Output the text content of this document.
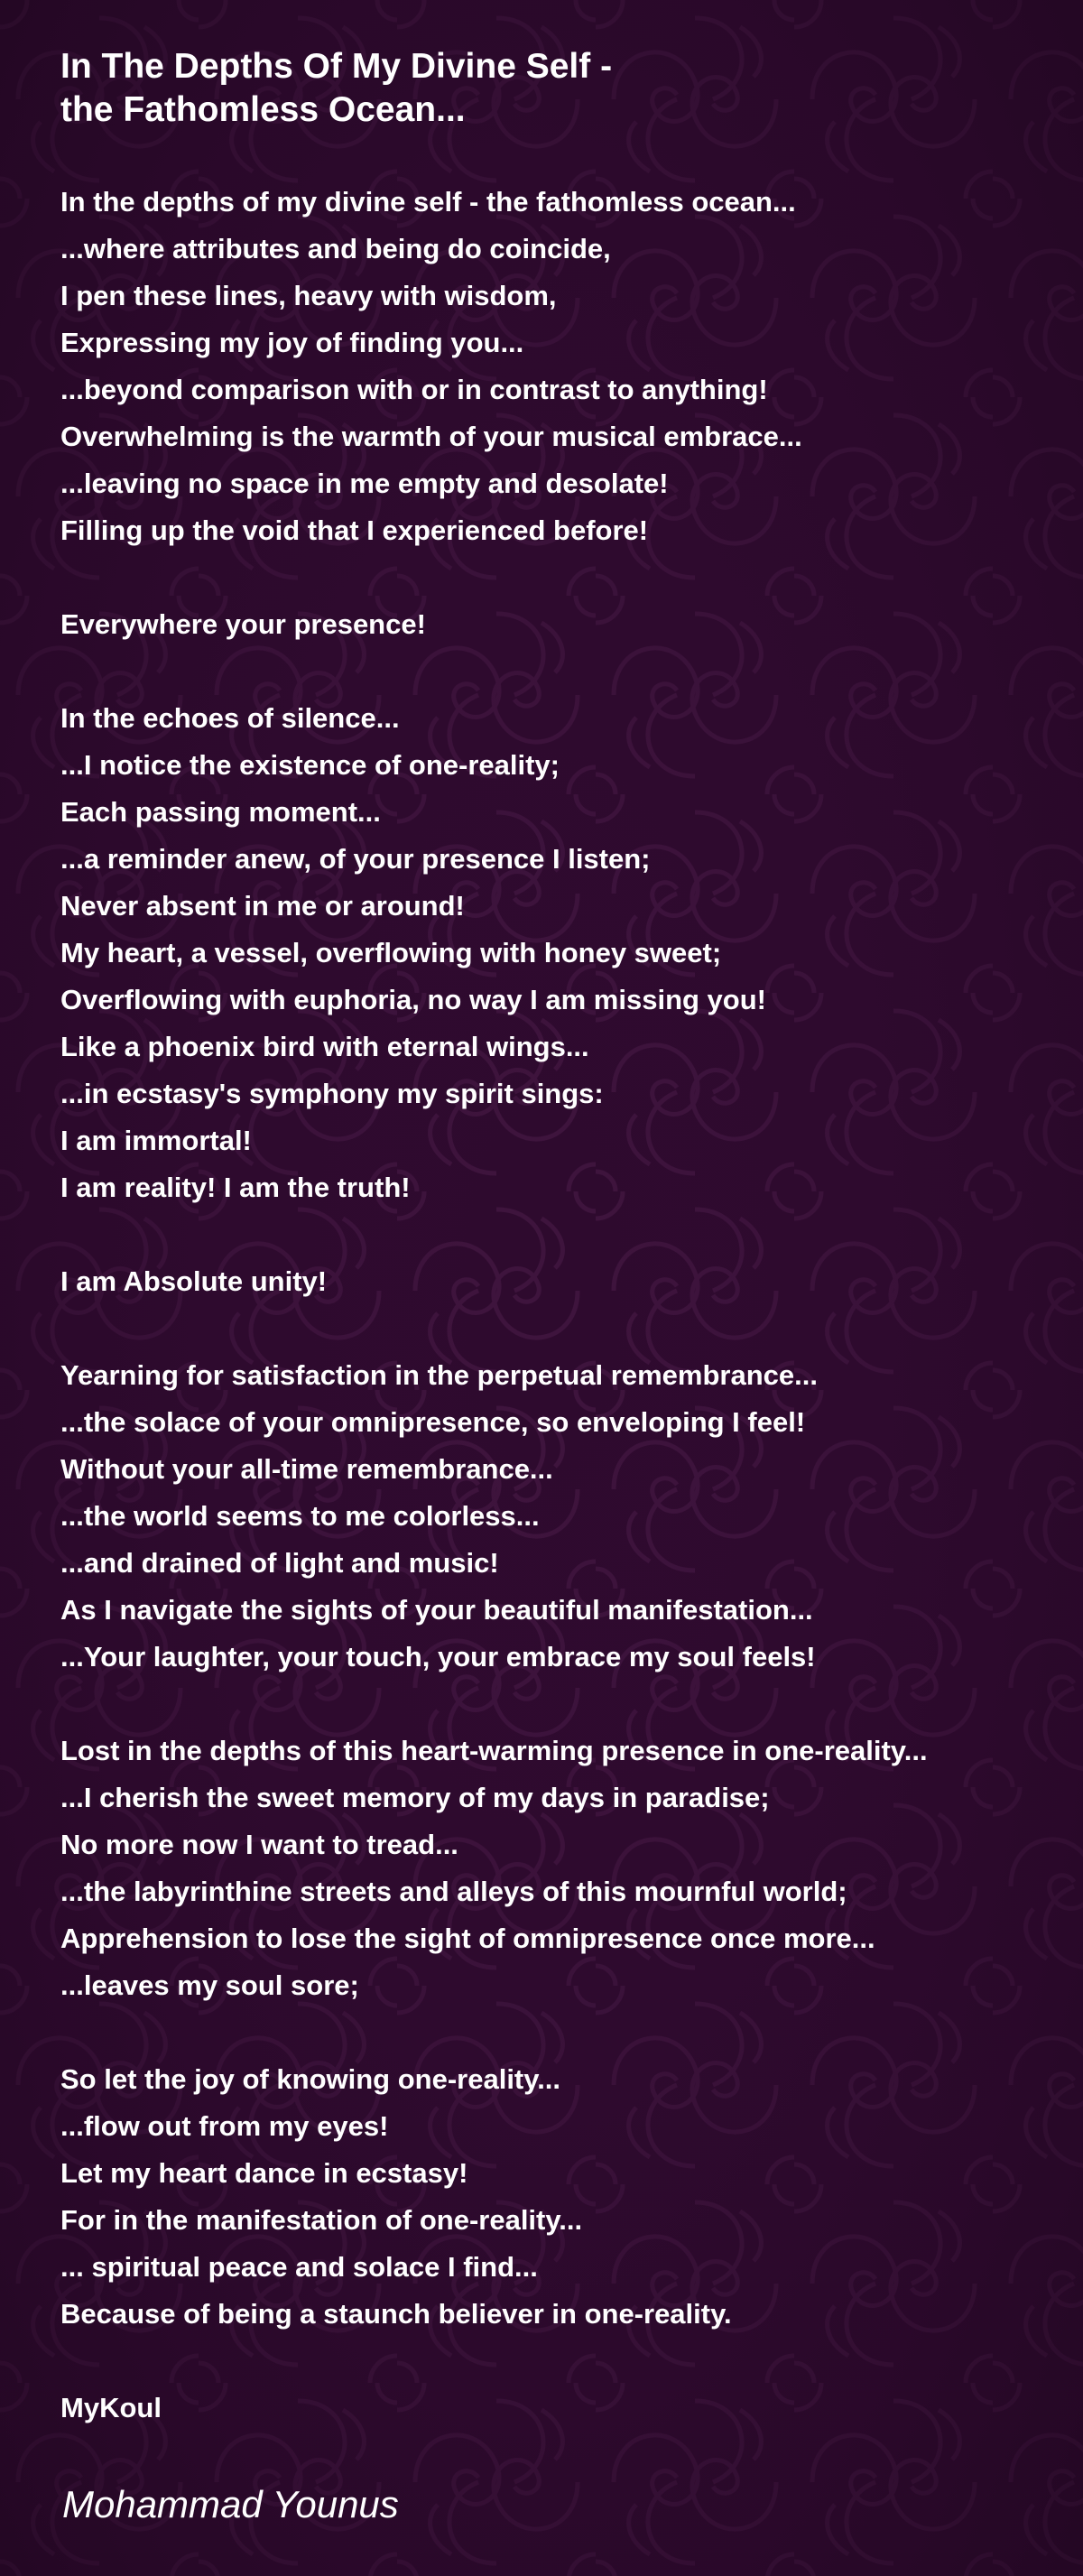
In The Depths Of My Divine Self -
the Fathomless Ocean...
In the depths of my divine self - the fathomless ocean...
...where attributes and being do coincide,
I pen these lines, heavy with wisdom,
Expressing my joy of finding you...
...beyond comparison with or in contrast to anything!
Overwhelming is the warmth of your musical embrace...
...leaving no space in me empty and desolate!
Filling up the void that I experienced before!
Everywhere your presence!
In the echoes of silence...
...I notice the existence of one-reality;
Each passing moment...
...a reminder anew, of your presence I listen;
Never absent in me or around!
My heart, a vessel, overflowing with honey sweet;
Overflowing with euphoria, no way I am missing you!
Like a phoenix bird with eternal wings...
...in ecstasy's symphony my spirit sings:
I am immortal!
I am reality! I am the truth!
I am Absolute unity!
Yearning for satisfaction in the perpetual remembrance...
...the solace of your omnipresence, so enveloping I feel!
Without your all-time remembrance...
...the world seems to me colorless...
...and drained of light and music!
As I navigate the sights of your beautiful manifestation...
...Your laughter, your touch, your embrace my soul feels!
Lost in the depths of this heart-warming presence in one-reality...
...I cherish the sweet memory of my days in paradise;
No more now I want to tread...
...the labyrinthine streets and alleys of this mournful world;
Apprehension to lose the sight of omnipresence once more...
...leaves my soul sore;
So let the joy of knowing one-reality...
...flow out from my eyes!
Let my heart dance in ecstasy!
For in the manifestation of one-reality...
... spiritual peace and solace I find...
Because of being a staunch believer in one-reality.

MyKoul

Mohammad Younus
